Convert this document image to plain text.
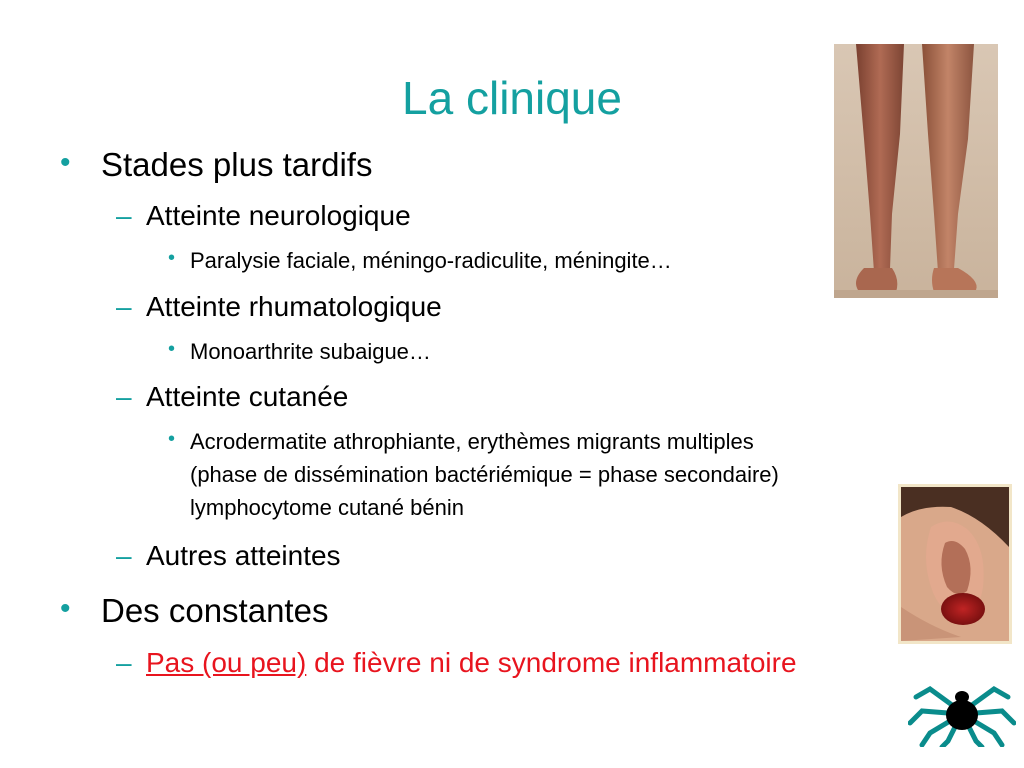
La clinique
• Stades plus tardifs
– Atteinte neurologique
• Paralysie faciale, méningo-radiculite, méningite…
– Atteinte rhumatologique
• Monoarthrite subaigue…
– Atteinte cutanée
• Acrodermatite athrophiante, erythèmes migrants multiples
(phase de dissémination bactériémique = phase secondaire)
lymphocytome cutané bénin
– Autres atteintes
• Des constantes
– Pas (ou peu) de fièvre ni de syndrome inflammatoire
